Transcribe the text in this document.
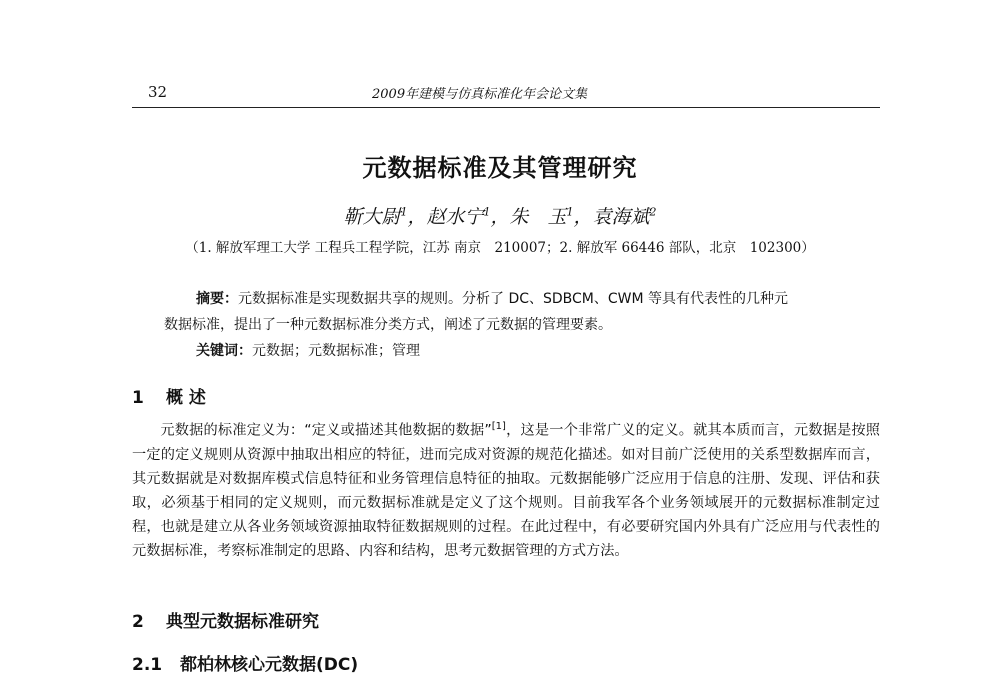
32	2009年建模与仿真标准化年会论文集
元数据标准及其管理研究
靳大尉$^1$，赵水宁$^1$，朱　玉$^1$，袁海斌$^2$
（1. 解放军理工大学 工程兵工程学院，江苏 南京　210007；2. 解放军 66446 部队，北京　102300）
摘要：元数据标准是实现数据共享的规则。分析了 DC、SDBCM、CWM 等具有代表性的几种元
数据标准，提出了一种元数据标准分类方式，阐述了元数据的管理要素。
关键词：元数据；元数据标准；管理
1 概 述
元数据的标准定义为：“定义或描述其他数据的数据”[1]，这是一个非常广义的定义。就其本质而言，元数据是按照一定的定义规则从资源中抽取出相应的特征，进而完成对资源的规范化描述。如对目前广泛使用的关系型数据库而言，其元数据就是对数据库模式信息特征和业务管理信息特征的抽取。元数据能够广泛应用于信息的注册、发现、评估和获取，必须基于相同的定义规则，而元数据标准就是定义了这个规则。目前我军各个业务领域展开的元数据标准制定过程，也就是建立从各业务领域资源抽取特征数据规则的过程。在此过程中，有必要研究国内外具有广泛应用与代表性的元数据标准，考察标准制定的思路、内容和结构，思考元数据管理的方式方法。
2 典型元数据标准研究
2.1 都柏林核心元数据(DC)
